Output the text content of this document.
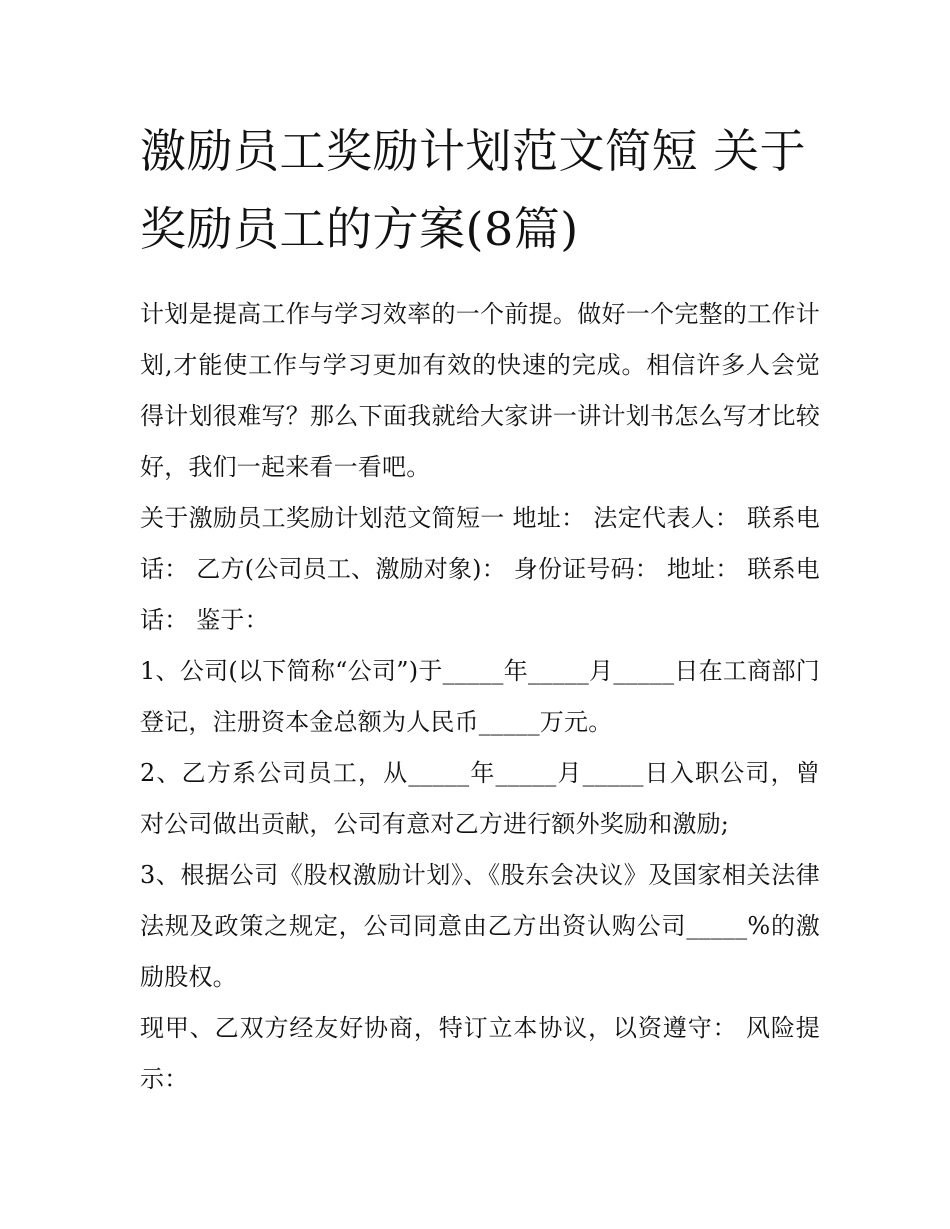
激励员工奖励计划范文简短 关于奖励员工的方案(8篇)

计划是提高工作与学习效率的一个前提。做好一个完整的工作计划,才能使工作与学习更加有效的快速的完成。相信许多人会觉得计划很难写？那么下面我就给大家讲一讲计划书怎么写才比较好，我们一起来看一看吧。

关于激励员工奖励计划范文简短一 地址： 法定代表人： 联系电话： 乙方(公司员工、激励对象)： 身份证号码： 地址： 联系电话： 鉴于：

1、公司(以下简称“公司”)于_____年_____月_____日在工商部门登记，注册资本金总额为人民币_____万元。

2、乙方系公司员工，从_____年_____月_____日入职公司，曾对公司做出贡献，公司有意对乙方进行额外奖励和激励;

3、根据公司《股权激励计划》、《股东会决议》及国家相关法律法规及政策之规定，公司同意由乙方出资认购公司_____%的激励股权。

现甲、乙双方经友好协商，特订立本协议，以资遵守： 风险提示：
